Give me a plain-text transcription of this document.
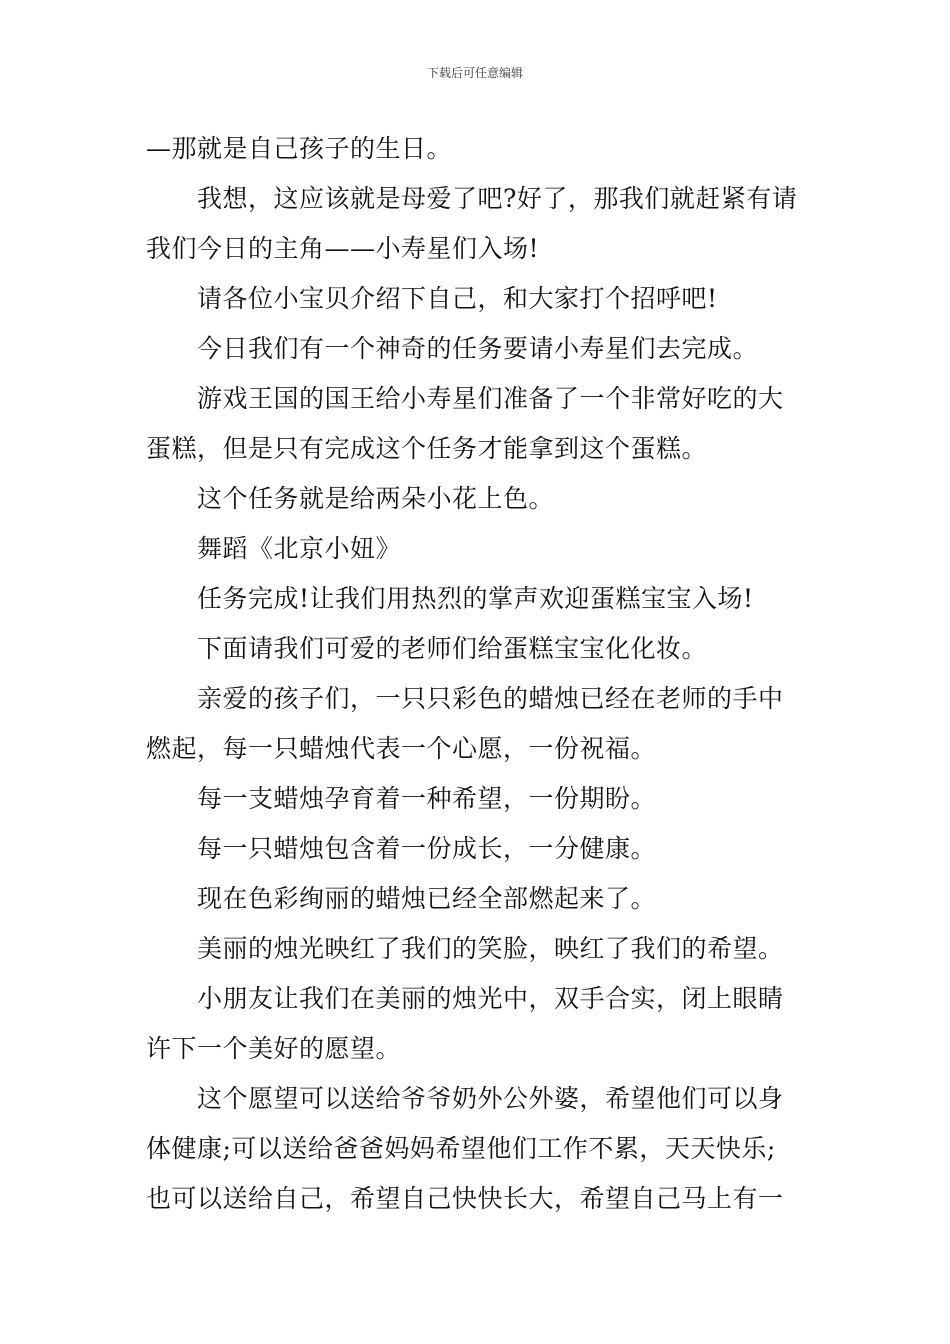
下载后可任意编辑

—那就是自己孩子的生日。

我想，这应该就是母爱了吧?好了，那我们就赶紧有请

我们今日的主角——小寿星们入场!

请各位小宝贝介绍下自己，和大家打个招呼吧!

今日我们有一个神奇的任务要请小寿星们去完成。

游戏王国的国王给小寿星们准备了一个非常好吃的大

蛋糕，但是只有完成这个任务才能拿到这个蛋糕。

这个任务就是给两朵小花上色。

舞蹈《北京小妞》

任务完成!让我们用热烈的掌声欢迎蛋糕宝宝入场!

下面请我们可爱的老师们给蛋糕宝宝化化妆。

亲爱的孩子们，一只只彩色的蜡烛已经在老师的手中

燃起，每一只蜡烛代表一个心愿，一份祝福。

每一支蜡烛孕育着一种希望，一份期盼。

每一只蜡烛包含着一份成长，一分健康。

现在色彩绚丽的蜡烛已经全部燃起来了。

美丽的烛光映红了我们的笑脸，映红了我们的希望。

小朋友让我们在美丽的烛光中，双手合实，闭上眼睛

许下一个美好的愿望。

这个愿望可以送给爷爷奶外公外婆，希望他们可以身

体健康;可以送给爸爸妈妈希望他们工作不累，天天快乐;

也可以送给自己，希望自己快快长大，希望自己马上有一
